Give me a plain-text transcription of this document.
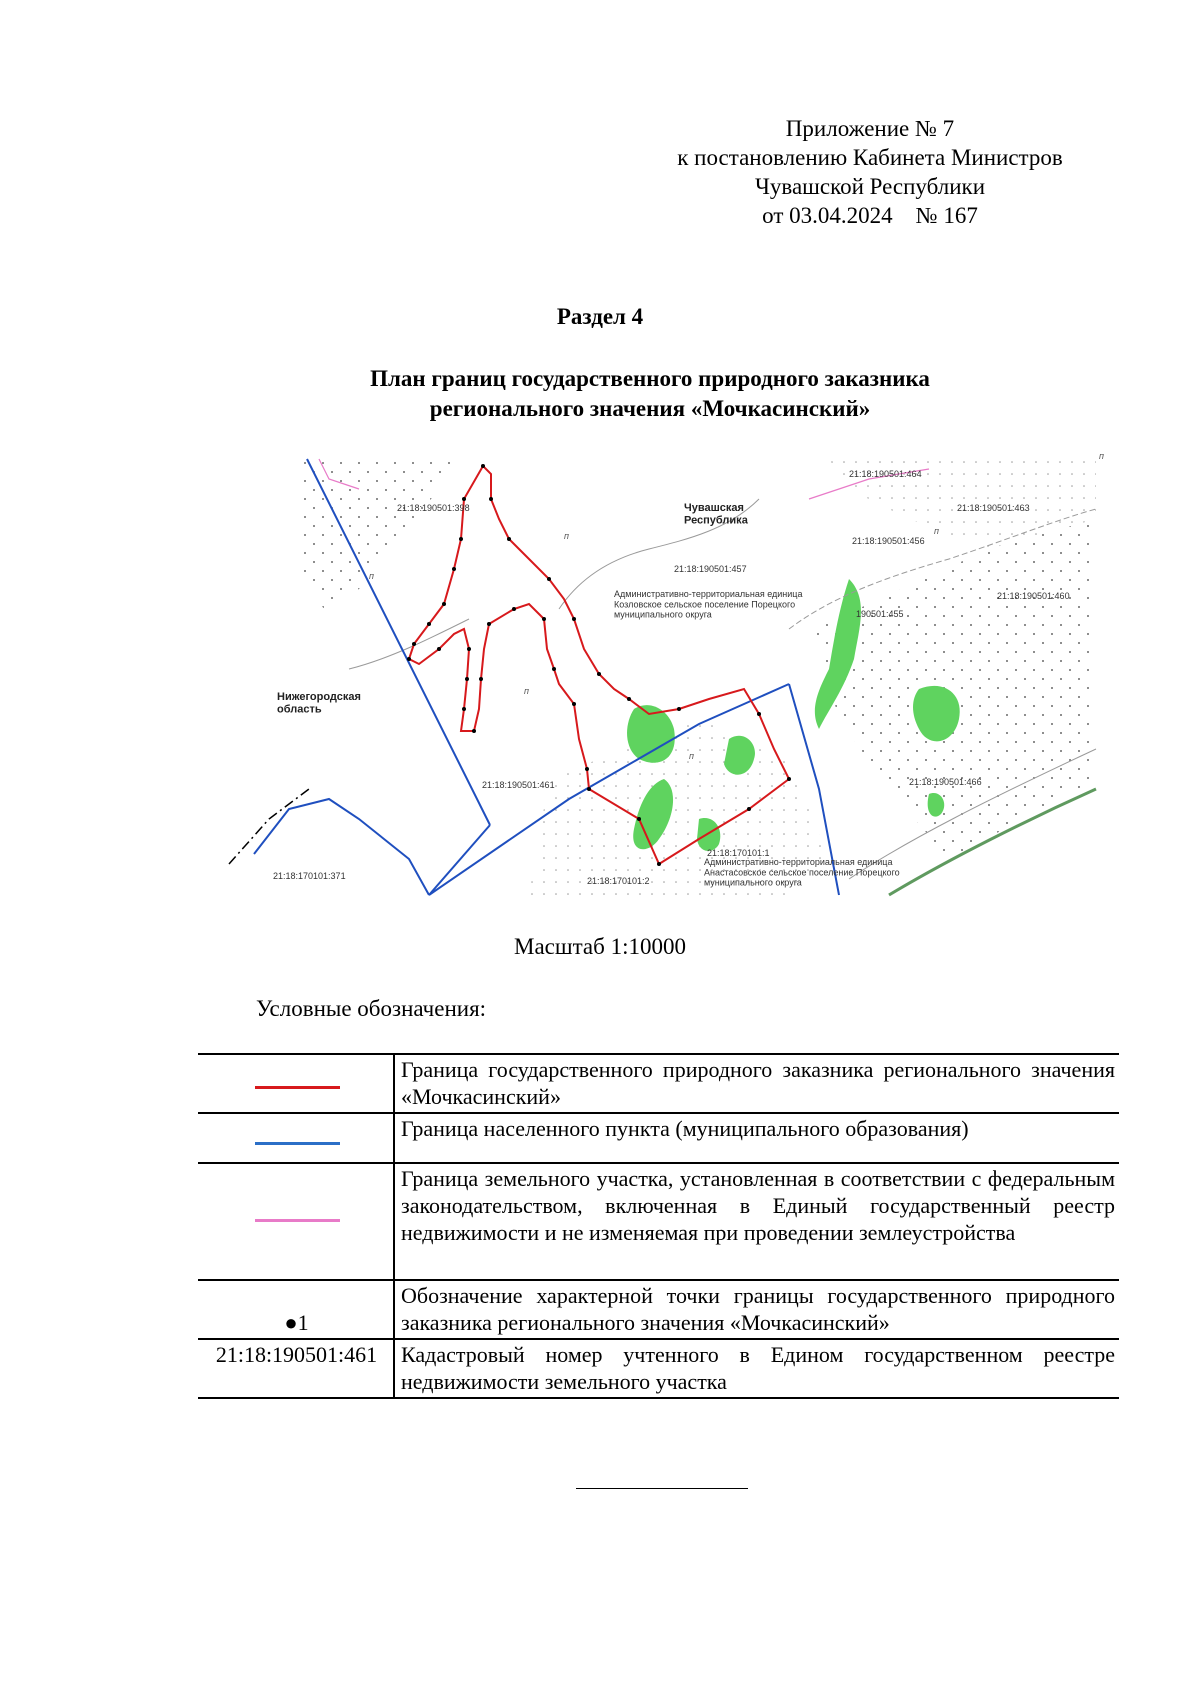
Приложение № 7
к постановлению Кабинета Министров
Чувашской Республики
от 03.04.2024    № 167
Раздел 4
План границ государственного природного заказника
регионального значения «Мочкасинский»
п
п
п
п
п
п
21:18:190501:398
21:18:190501:464
21:18:190501:463
21:18:190501:457
21:18:190501:456
190501:455
21:18:190501:460
21:18:190501:461	21:18:190501:466
21:18:170101:371	21:18:170101:2
21:18:170101:1
Чувашская Республика
Нижегородская область
Административно-территориальная единица Козловское сельское поселение Порецкого муниципального округа
Административно-территориальная единица Анастасовское сельское поселение Порецкого муниципального округа
Масштаб 1:10000
Условные обозначения:
	Граница государственного природного заказника регионального значения «Мочкасинский»

	Граница населенного пункта (муниципального образования)

	Граница земельного участка, установленная в соответствии с федеральным законодательством, включенная в Единый государственный реестр недвижимости и не изменяемая при проведении землеустройства
●1	Обозначение характерной точки границы государственного природного заказника регионального значения «Мочкасинский»
21:18:190501:461	Кадастровый номер учтенного в Едином государственном реестре недвижимости земельного участка
